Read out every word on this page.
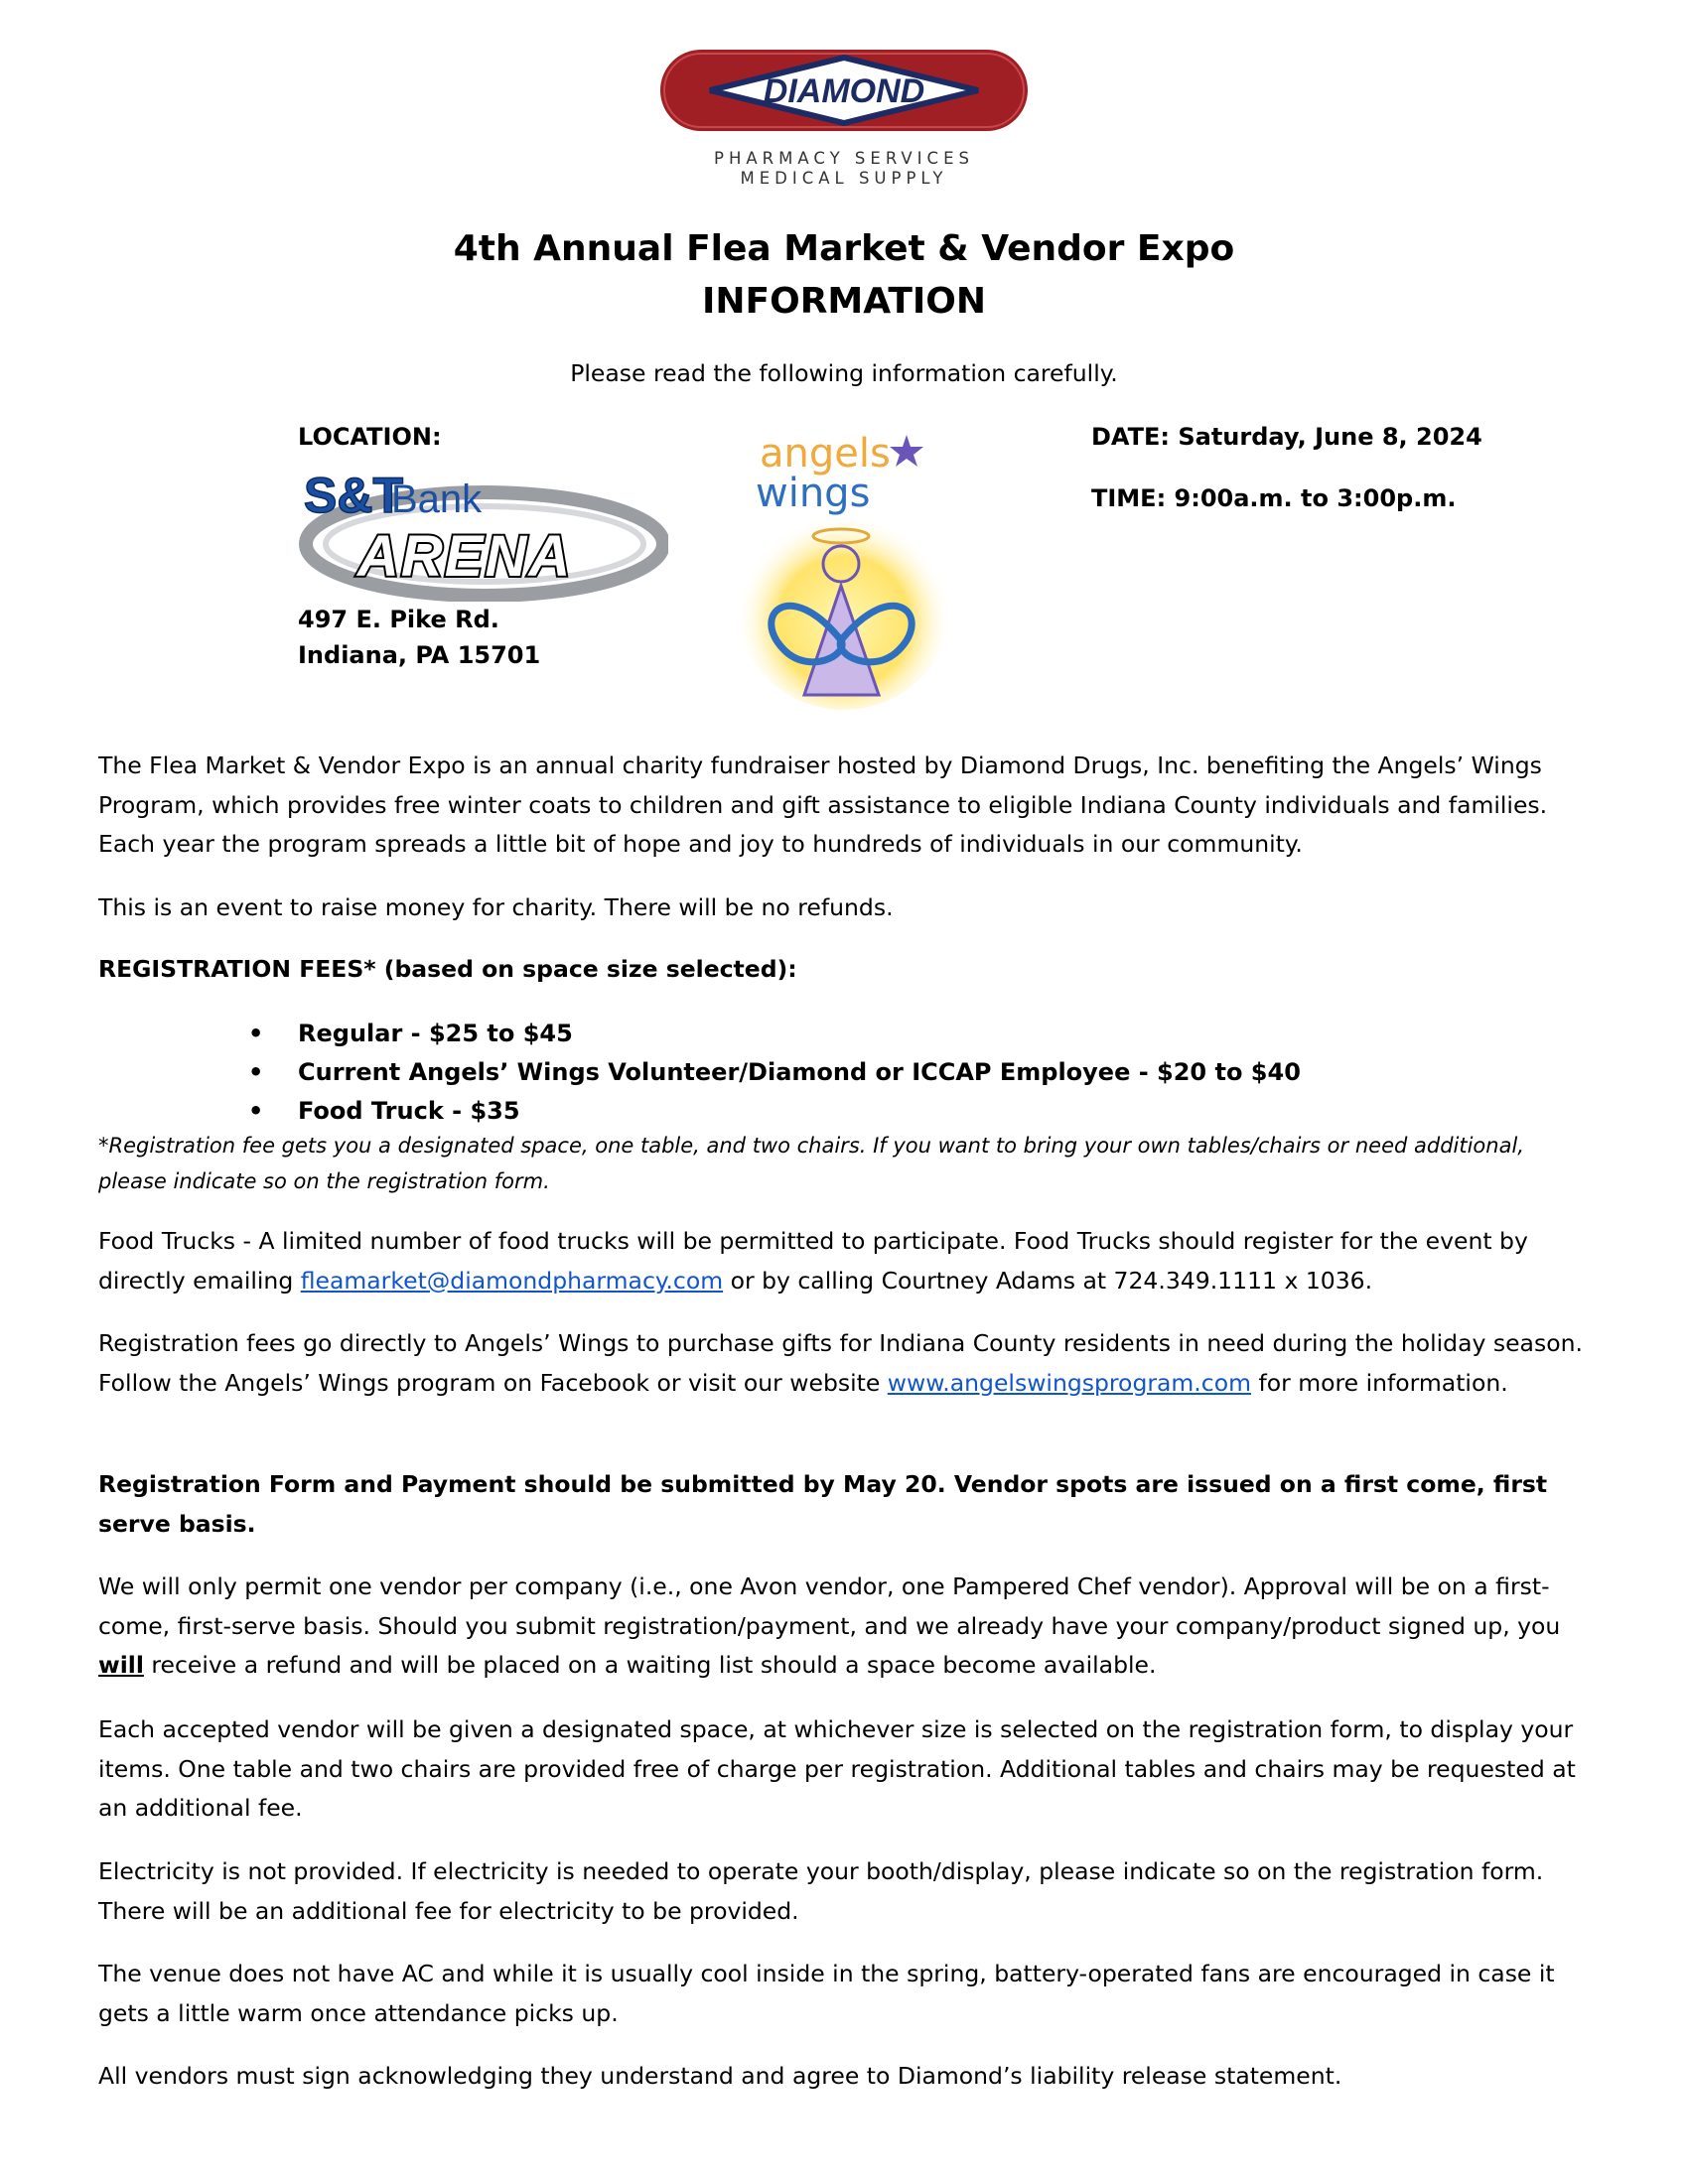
DIAMOND
PHARMACY SERVICES
MEDICAL SUPPLY
4th Annual Flea Market & Vendor Expo
INFORMATION
Please read the following information carefully.
LOCATION:
S&T
Bank
ARENA
497 E. Pike Rd.
Indiana, PA 15701
angels
wings
DATE: Saturday, June 8, 2024
TIME: 9:00a.m. to 3:00p.m.

The Flea Market & Vendor Expo is an annual charity fundraiser hosted by Diamond Drugs, Inc. benefiting the Angels’ Wings Program, which provides free winter coats to children and gift assistance to eligible Indiana County individuals and families. Each year the program spreads a little bit of hope and joy to hundreds of individuals in our community.

This is an event to raise money for charity. There will be no refunds.

REGISTRATION FEES* (based on space size selected):

• Regular - $25 to $45
• Current Angels’ Wings Volunteer/Diamond or ICCAP Employee - $20 to $40
• Food Truck - $35

*Registration fee gets you a designated space, one table, and two chairs. If you want to bring your own tables/chairs or need additional, please indicate so on the registration form.

Food Trucks - A limited number of food trucks will be permitted to participate. Food Trucks should register for the event by directly emailing fleamarket@diamondpharmacy.com or by calling Courtney Adams at 724.349.1111 x 1036.

Registration fees go directly to Angels’ Wings to purchase gifts for Indiana County residents in need during the holiday season. Follow the Angels’ Wings program on Facebook or visit our website www.angelswingsprogram.com for more information.

Registration Form and Payment should be submitted by May 20. Vendor spots are issued on a first come, first serve basis.

We will only permit one vendor per company (i.e., one Avon vendor, one Pampered Chef vendor). Approval will be on a first-come, first-serve basis. Should you submit registration/payment, and we already have your company/product signed up, you will receive a refund and will be placed on a waiting list should a space become available.

Each accepted vendor will be given a designated space, at whichever size is selected on the registration form, to display your items. One table and two chairs are provided free of charge per registration. Additional tables and chairs may be requested at an additional fee.

Electricity is not provided. If electricity is needed to operate your booth/display, please indicate so on the registration form. There will be an additional fee for electricity to be provided.

The venue does not have AC and while it is usually cool inside in the spring, battery-operated fans are encouraged in case it gets a little warm once attendance picks up.

All vendors must sign acknowledging they understand and agree to Diamond’s liability release statement.
